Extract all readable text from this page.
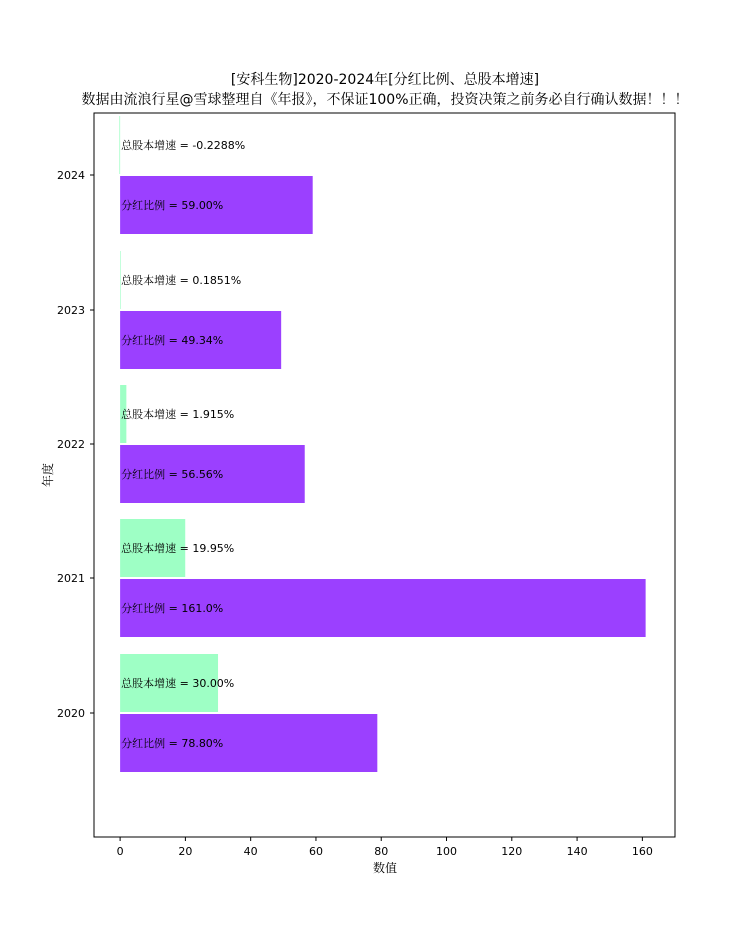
[安科生物]2020-2024年[分红比例、总股本增速]
数据由流浪行星@雪球整理自《年报》，不保证100%正确，投资决策之前务必自行确认数据！！！
总股本增速 = 30.00%
分红比例 = 78.80%
总股本增速 = 19.95%
分红比例 = 161.0%
总股本增速 = 1.915%
分红比例 = 56.56%
总股本增速 = 0.1851%
分红比例 = 49.34%
总股本增速 = -0.2288%
分红比例 = 59.00%
2020
2021
2022
2023
2024
0	20	40	60	80	100	120	140	160
数值
年度
